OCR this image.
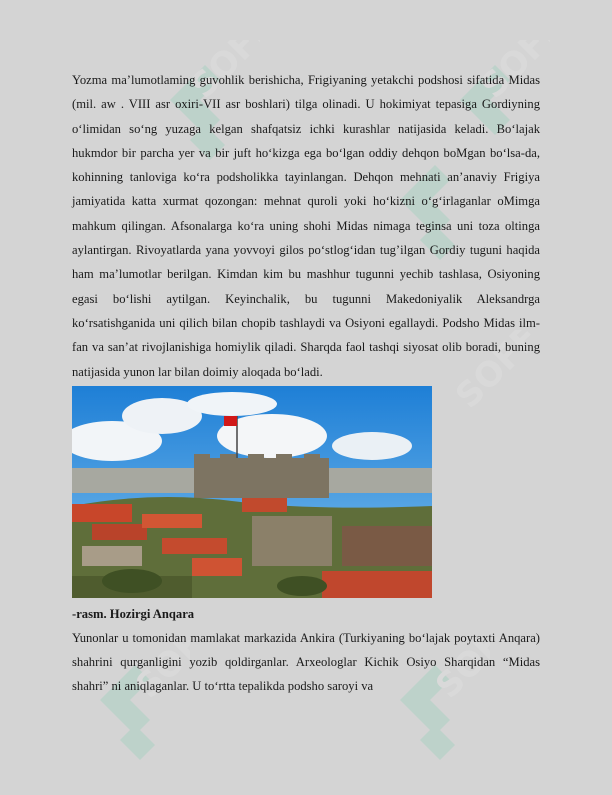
SOFF	SOFF
SOFF
SOFF	SOFF

Yozma ma’lumotlaming guvohlik berishicha, Frigiyaning yetakchi podshosi sifatida Midas (mil. aw . VIII asr oxiri-VII asr boshlari) tilga olinadi. U hokimiyat tepasiga Gordiyning o‘limidan so‘ng yuzaga kelgan shafqatsiz ichki kurashlar natijasida keladi. Bo‘lajak hukmdor bir parcha yer va bir juft ho‘kizga ega bo‘lgan oddiy dehqon boMgan bo‘lsa-da, kohinning tanloviga ko‘ra podsholikka tayinlangan. Dehqon mehnati an’anaviy Frigiya jamiyatida katta xurmat qozongan: mehnat quroli yoki ho‘kizni o‘g‘irlaganlar oMimga mahkum qilingan. Afsonalarga ko‘ra uning shohi Midas nimaga teginsa uni toza oltinga aylantirgan. Rivoyatlarda yana yovvoyi gilos po‘stlog‘idan tug’ilgan Gordiy tuguni haqida ham ma’lumotlar berilgan. Kimdan kim bu mashhur tugunni yechib tashlasa, Osiyoning egasi bo‘lishi aytilgan. Keyinchalik, bu tugunni Makedoniyalik Aleksandrga ko‘rsatishganida uni qilich bilan chopib tashlaydi va Osiyoni egallaydi. Podsho Midas ilm-fan va san’at rivojlanishiga homiylik qiladi. Sharqda faol tashqi siyosat olib boradi, buning natijasida yunon lar bilan doimiy aloqada bo‘ladi.

-rasm. Hozirgi Anqara

Yunonlar u tomonidan mamlakat markazida Ankira (Turkiyaning bo‘lajak poytaxti Anqara) shahrini qurganligini yozib qoldirganlar. Arxeologlar Kichik Osiyo Sharqidan “Midas shahri” ni aniqlaganlar. U to‘rtta tepalikda podsho saroyi va
